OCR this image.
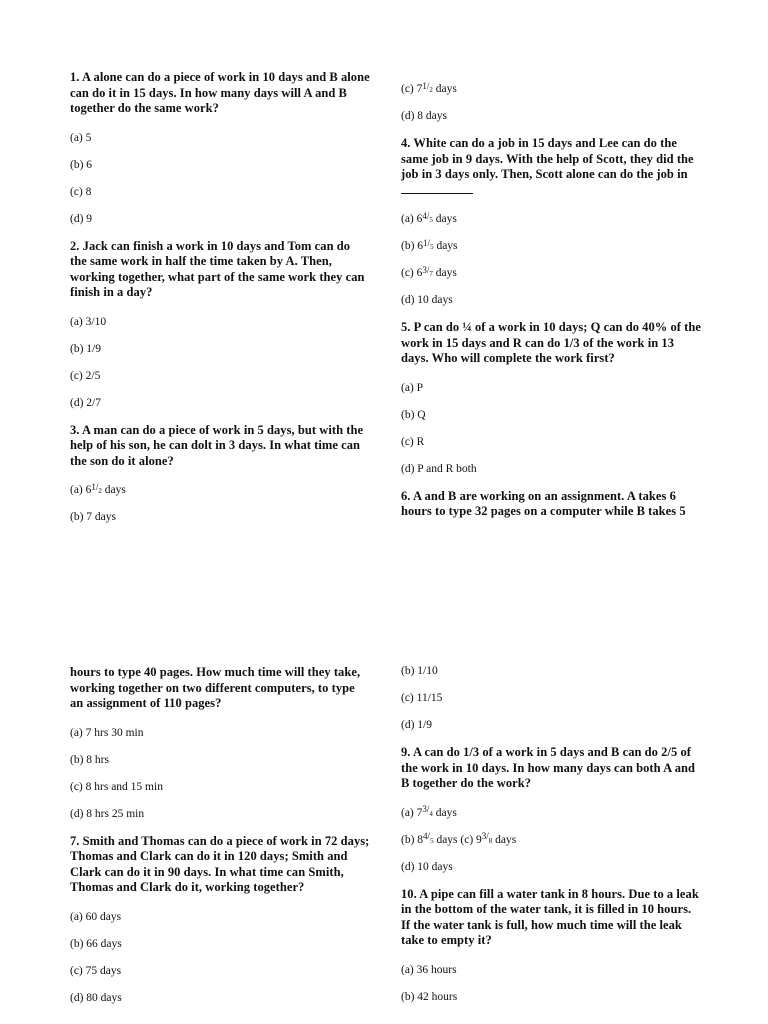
1. A alone can do a piece of work in 10 days and B alone can do it in 15 days. In how many days will A and B together do the same work?

(a) 5

(b) 6

(c) 8

(d) 9

2. Jack can finish a work in 10 days and Tom can do the same work in half the time taken by A. Then, working together, what part of the same work they can finish in a day?

(a) 3/10

(b) 1/9

(c) 2/5

(d) 2/7

3. A man can do a piece of work in 5 days, but with the help of his son, he can dolt in 3 days. In what time can the son do it alone?

(a) $6^{1/}2$ days

(b) 7 days

(c) $7^{1/}2$ days

(d) 8 days

4. White can do a job in 15 days and Lee can do the same job in 9 days. With the help of Scott, they did the job in 3 days only. Then, Scott alone can do the job in

(a) $6^{4/}5$ days

(b) $6^{1/}5$ days

(c) $6^{3/}7$ days

(d) 10 days

5. P can do ¼ of a work in 10 days; Q can do 40% of the work in 15 days and R can do 1/3 of the work in 13 days. Who will complete the work first?

(a) P

(b) Q

(c) R

(d) P and R both

6. A and B are working on an assignment. A takes 6 hours to type 32 pages on a computer while B takes 5

hours to type 40 pages. How much time will they take, working together on two different computers, to type an assignment of 110 pages?

(a) 7 hrs 30 min

(b) 8 hrs

(c) 8 hrs and 15 min

(d) 8 hrs 25 min

7. Smith and Thomas can do a piece of work in 72 days; Thomas and Clark can do it in 120 days; Smith and Clark can do it in 90 days. In what time can Smith, Thomas and Clark do it, working together?

(a) 60 days

(b) 66 days

(c) 75 days

(d) 80 days

(b) 1/10

(c) 11/15

(d) 1/9

9. A can do 1/3 of a work in 5 days and B can do 2/5 of the work in 10 days. In how many days can both A and B together do the work?

(a) $7^{3/}4$ days

(b) $8^{4/}5$ days (c) $9^{3/}8$ days

(d) 10 days

10. A pipe can fill a water tank in 8 hours. Due to a leak in the bottom of the water tank, it is filled in 10 hours. If the water tank is full, how much time will the leak take to empty it?

(a) 36 hours

(b) 42 hours
